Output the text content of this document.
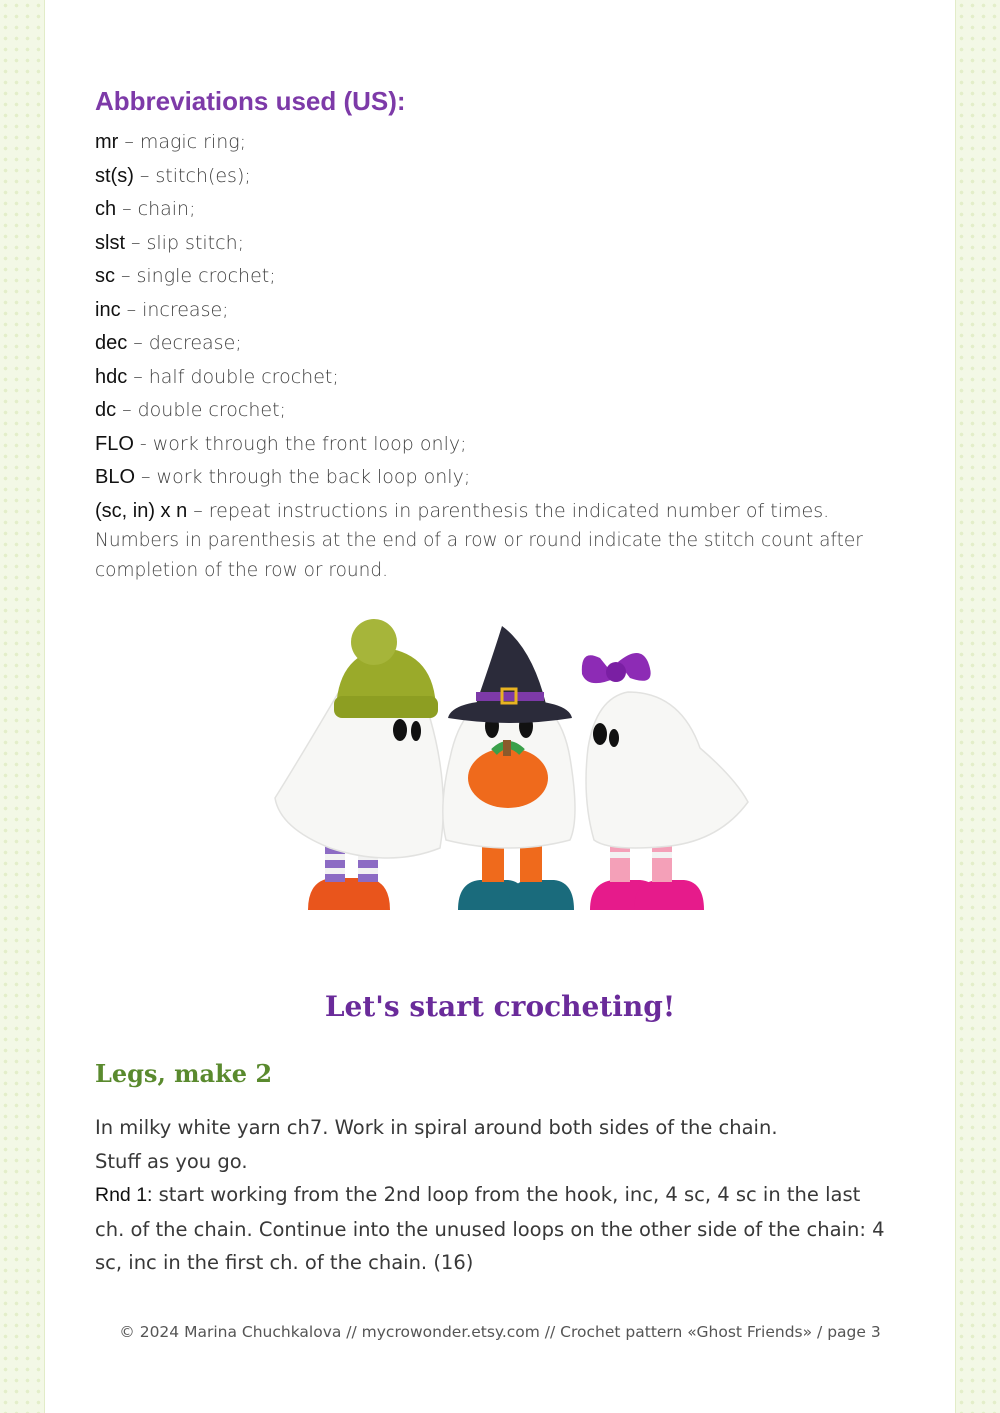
Abbreviations used (US):
mr – magic ring;
st(s) – stitch(es);
ch – chain;
slst – slip stitch;
sc – single crochet;
inc – increase;
dec – decrease;
hdc – half double crochet;
dc – double crochet;
FLO - work through the front loop only;
BLO – work through the back loop only;
(sc, in) x n – repeat instructions in parenthesis the indicated number of times.

Numbers in parenthesis at the end of a row or round indicate the stitch count after completion of the row or round.

Let's start crocheting!
Legs, make 2

In milky white yarn ch7. Work in spiral around both sides of the chain.

Stuff as you go.

Rnd 1: start working from the 2nd loop from the hook, inc, 4 sc, 4 sc in the last ch. of the chain. Continue into the unused loops on the other side of the chain: 4 sc, inc in the first ch. of the chain. (16)

© 2024 Marina Chuchkalova // mycrowonder.etsy.com // Crochet pattern «Ghost Friends» / page 3
